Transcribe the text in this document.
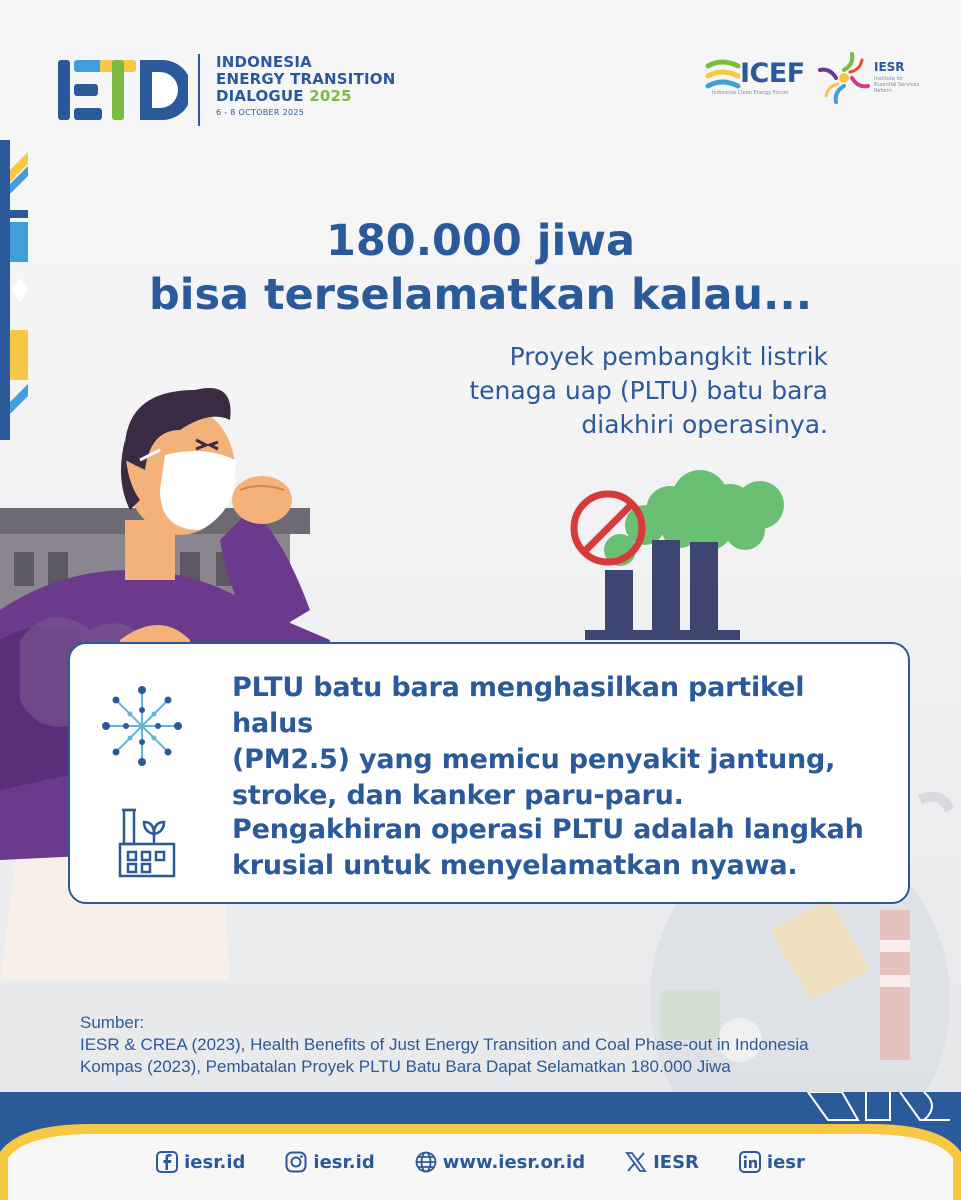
INDONESIA
ENERGY TRANSITION
DIALOGUE 2025
6 - 8 OCTOBER 2025
ICEF
Indonesia Clean Energy Forum
IESR
Institute for Essential Services Reform
180.000 jiwa
bisa terselamatkan kalau...
Proyek pembangkit listrik
tenaga uap (PLTU) batu bara
diakhiri operasinya.
PLTU batu bara menghasilkan partikel halus
(PM2.5) yang memicu penyakit jantung,
stroke, dan kanker paru-paru.
Pengakhiran operasi PLTU adalah langkah
krusial untuk menyelamatkan nyawa.
Sumber:
IESR & CREA (2023), Health Benefits of Just Energy Transition and Coal Phase-out in Indonesia
Kompas (2023), Pembatalan Proyek PLTU Batu Bara Dapat Selamatkan 180.000 Jiwa
iesr.id	iesr.id	www.iesr.or.id	IESR	iesr
